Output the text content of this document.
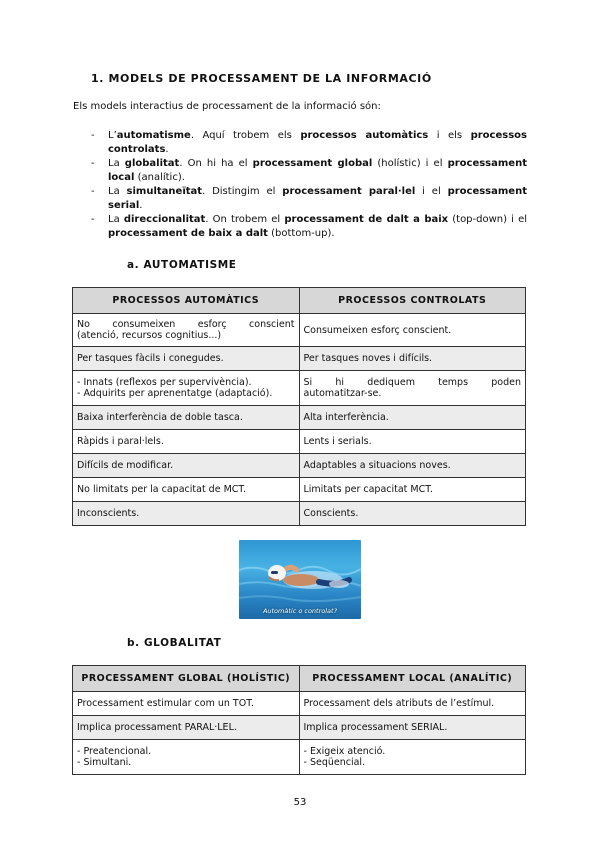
1. MODELS DE PROCESSAMENT DE LA INFORMACIÓ
Els models interactius de processament de la informació són:
- L’automatisme. Aquí trobem els processos automàtics i els processos controlats.
- La globalitat. On hi ha el processament global (holístic) i el processament local (analític).
- La simultaneïtat. Distingim el processament paral·lel i el processament serial.
- La direccionalitat. On trobem el processament de dalt a baix (top-down) i el processament de baix a dalt (bottom-up).
a. AUTOMATISME
PROCESSOS AUTOMÀTICS	PROCESSOS CONTROLATS

No consumeixen esforç conscient
(atenció, recursos cognitius...)	Consumeixen esforç conscient.

Per tasques fàcils i conegudes.	Per tasques noves i difícils.

- Innats (reflexos per supervivència).
- Adquirits per aprenentatge (adaptació).	Si hi dediquem temps poden
automatitzar-se.

Baixa interferència de doble tasca.	Alta interferència.

Ràpids i paral·lels.	Lents i serials.

Difícils de modificar.	Adaptables a situacions noves.

No limitats per la capacitat de MCT.	Limitats per capacitat MCT.

Inconscients.	Conscients.
Automàtic o controlat?
b. GLOBALITAT
PROCESSAMENT GLOBAL (HOLÍSTIC)	PROCESSAMENT LOCAL (ANALÍTIC)

Processament estimular com un TOT.	Processament dels atributs de l’estímul.

Implica processament PARAL·LEL.	Implica processament SERIAL.

- Preatencional.
- Simultani.	- Exigeix atenció.
- Seqüencial.
53
